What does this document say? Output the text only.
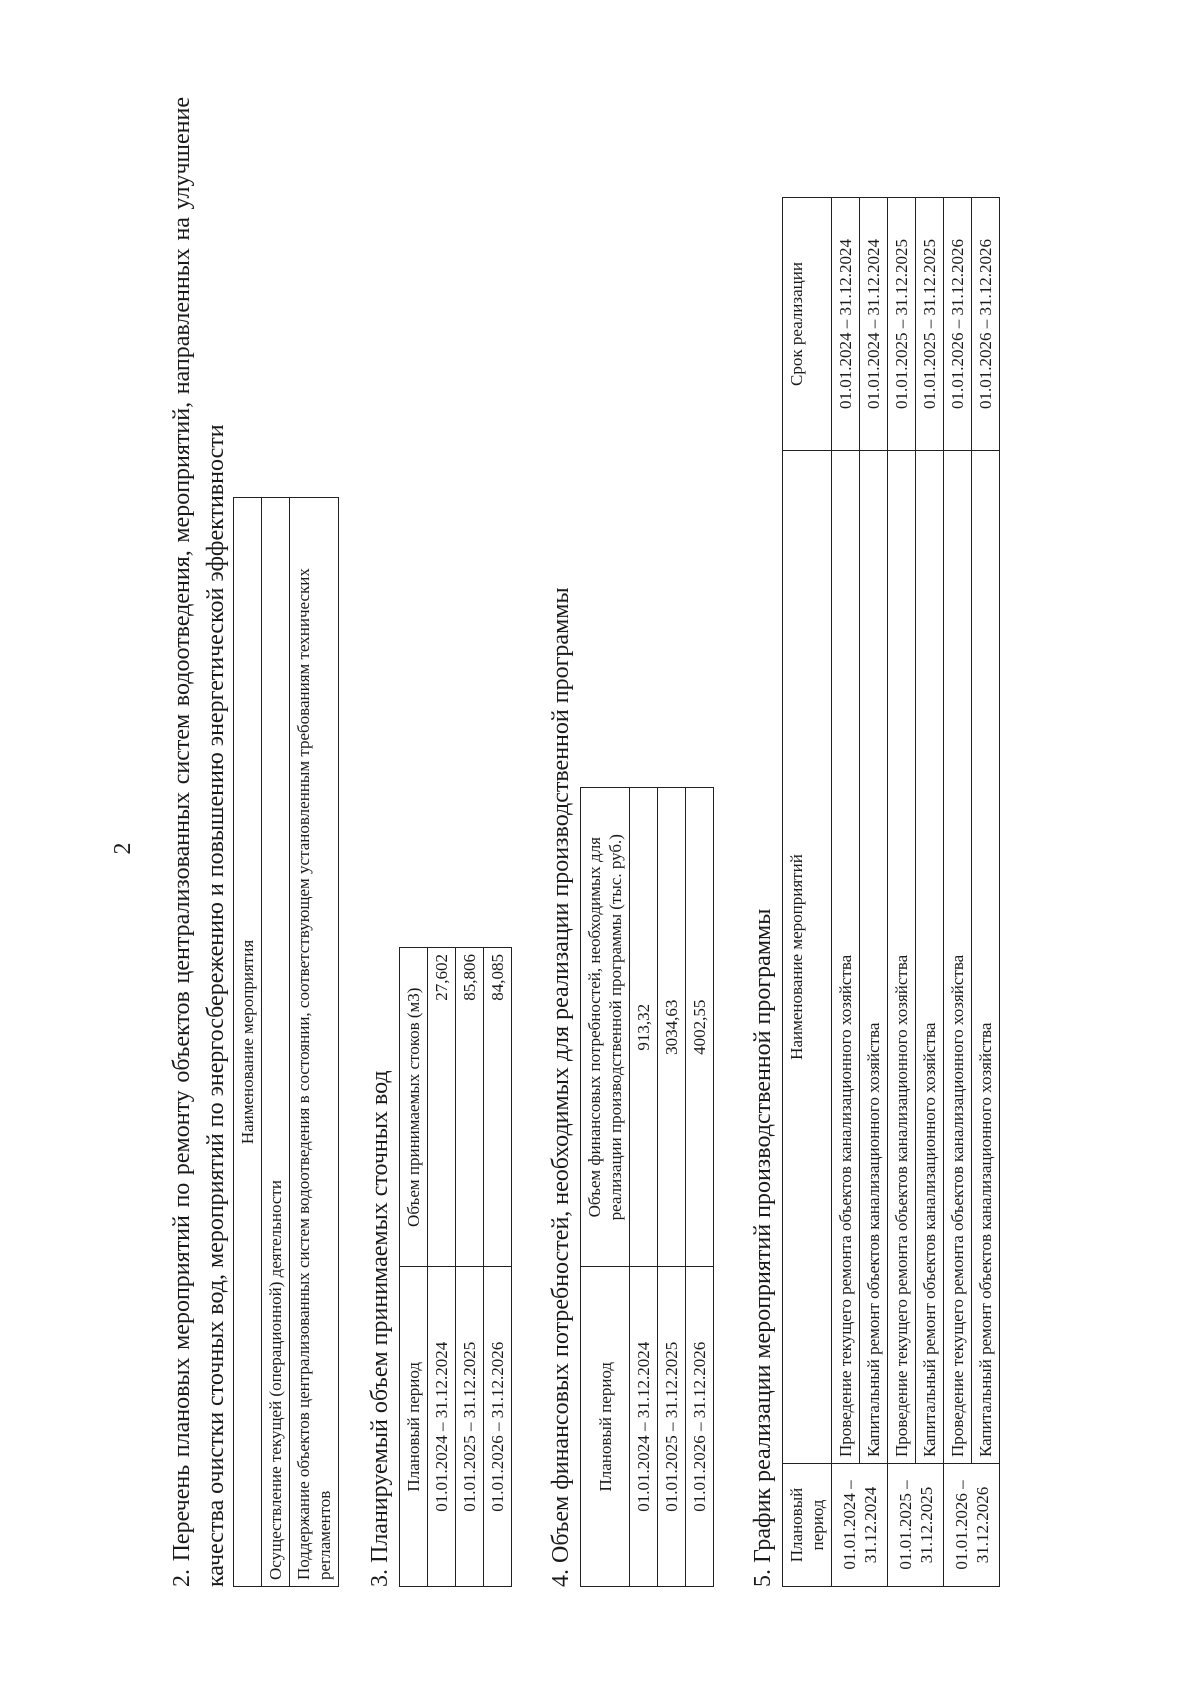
2 2. Перечень плановых мероприятий по ремонту объектов централизованных систем водоотведения, мероприятий, направленных на улучшение качества очистки сточных вод, мероприятий по энергосбережению и повышению энергетической эффективности Наименование мероприятия
Осуществление текущей (операционной) деятельности
Поддержание объектов централизованных систем водоотведения в состоянии, соответствующем установленным требованиям технических регламентов 3. Планируемый объем принимаемых сточных вод Плановый период	Объем принимаемых стоков (м3)
01.01.2024 – 31.12.2024	27,602
01.01.2025 – 31.12.2025	85,806
01.01.2026 – 31.12.2026	84,085 4. Объем финансовых потребностей, необходимых для реализации производственной программы Плановый период	Объем финансовых потребностей, необходимых для реализации производственной программы (тыс. руб.)
01.01.2024 – 31.12.2024	913,32
01.01.2025 – 31.12.2025	3034,63
01.01.2026 – 31.12.2026	4002,55 5. График реализации мероприятий производственной программы Плановый период	Наименование мероприятий	Срок реализации
01.01.2024 – 31.12.2024	Проведение текущего ремонта объектов канализационного хозяйства	01.01.2024 – 31.12.2024
	Капитальный ремонт объектов канализационного хозяйства	01.01.2024 – 31.12.2024
01.01.2025 – 31.12.2025	Проведение текущего ремонта объектов канализационного хозяйства	01.01.2025 – 31.12.2025
	Капитальный ремонт объектов канализационного хозяйства	01.01.2025 – 31.12.2025
01.01.2026 – 31.12.2026	Проведение текущего ремонта объектов канализационного хозяйства	01.01.2026 – 31.12.2026
	Капитальный ремонт объектов канализационного хозяйства	01.01.2026 – 31.12.2026
